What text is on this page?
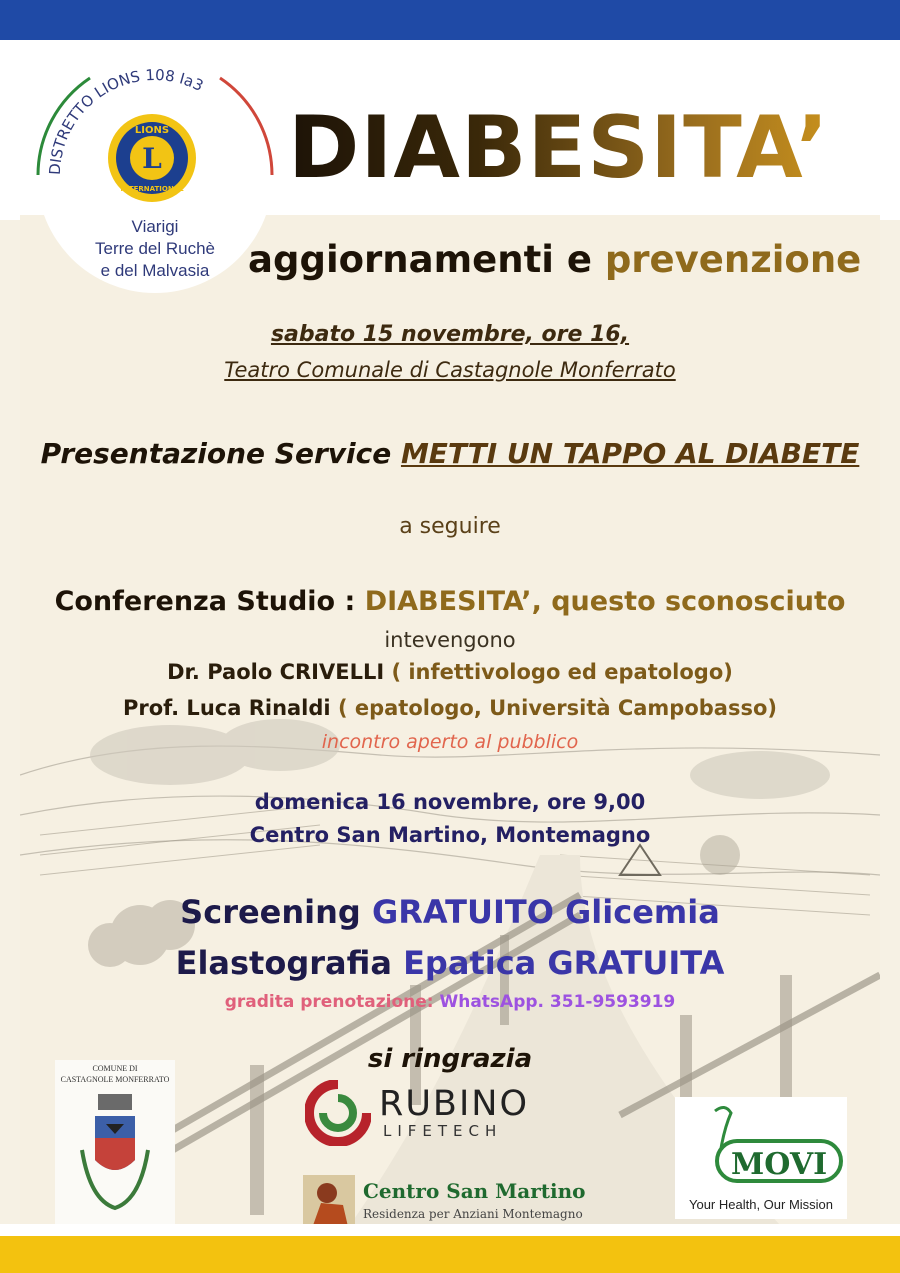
DISTRETTO LIONS 108 Ia3
L
LIONS
INTERNATIONAL
Viarigi
Terre del Ruchè
e del Malvasia
DIABESITA’
aggiornamenti e prevenzione
sabato 15 novembre, ore 16,
Teatro Comunale di Castagnole Monferrato
Presentazione Service METTI UN TAPPO AL DIABETE
a seguire
Conferenza Studio : DIABESITA’, questo sconosciuto
intevengono
Dr. Paolo CRIVELLI ( infettivologo ed epatologo)
Prof. Luca Rinaldi ( epatologo, Università Campobasso)
incontro aperto al pubblico
domenica 16 novembre, ore 9,00
Centro San Martino, Montemagno
Screening GRATUITO Glicemia
Elastografia Epatica GRATUITA
gradita prenotazione: WhatsApp. 351-9593919
si ringrazia
COMUNE DI
CASTAGNOLE MONFERRATO
RUBINO
LIFETECH
Centro San Martino
Residenza per Anziani Montemagno
MOVI
Your Health, Our Mission
